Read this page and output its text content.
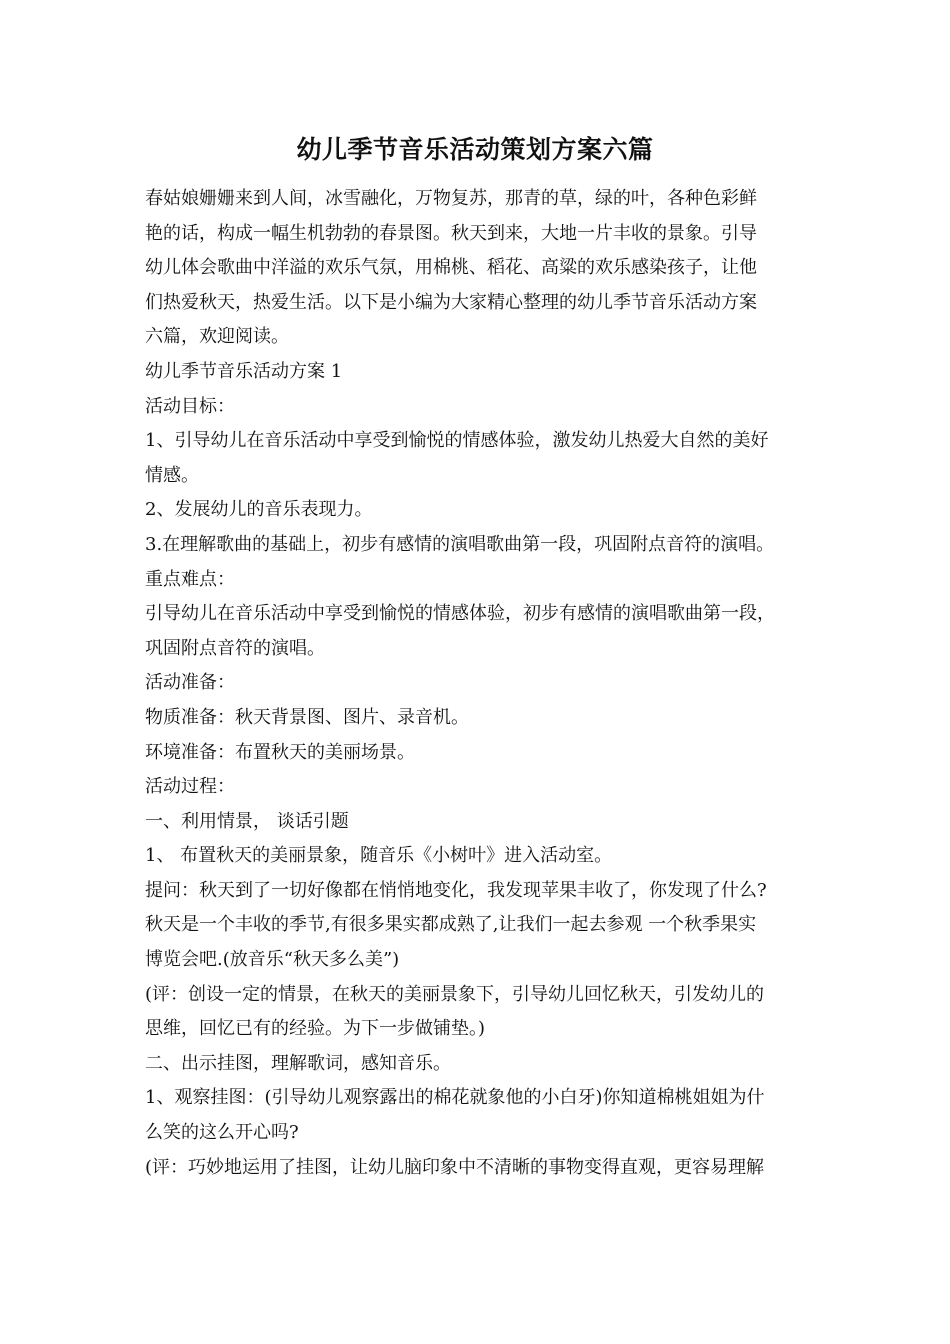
幼儿季节音乐活动策划方案六篇

春姑娘姗姗来到人间，冰雪融化，万物复苏，那青的草，绿的叶，各种色彩鲜

艳的话，构成一幅生机勃勃的春景图。秋天到来，大地一片丰收的景象。引导

幼儿体会歌曲中洋溢的欢乐气氛，用棉桃、稻花、高粱的欢乐感染孩子，让他

们热爱秋天，热爱生活。以下是小编为大家精心整理的幼儿季节音乐活动方案

六篇，欢迎阅读。

幼儿季节音乐活动方案 1

活动目标：

1、引导幼儿在音乐活动中享受到愉悦的情感体验，激发幼儿热爱大自然的美好

情感。

2、发展幼儿的音乐表现力。

3.在理解歌曲的基础上，初步有感情的演唱歌曲第一段，巩固附点音符的演唱。

重点难点：

引导幼儿在音乐活动中享受到愉悦的情感体验，初步有感情的演唱歌曲第一段，

巩固附点音符的演唱。

活动准备：

物质准备：秋天背景图、图片、录音机。

环境准备：布置秋天的美丽场景。

活动过程：

一、利用情景， 谈话引题

1、 布置秋天的美丽景象，随音乐《小树叶》进入活动室。

提问：秋天到了一切好像都在悄悄地变化，我发现苹果丰收了，你发现了什么?

秋天是一个丰收的季节,有很多果实都成熟了,让我们一起去参观 一个秋季果实

博览会吧.(放音乐“秋天多么美”)

(评：创设一定的情景，在秋天的美丽景象下，引导幼儿回忆秋天，引发幼儿的

思维，回忆已有的经验。为下一步做铺垫。)

二、出示挂图，理解歌词，感知音乐。

1、观察挂图：(引导幼儿观察露出的棉花就象他的小白牙)你知道棉桃姐姐为什

么笑的这么开心吗?

(评：巧妙地运用了挂图，让幼儿脑印象中不清晰的事物变得直观，更容易理解
